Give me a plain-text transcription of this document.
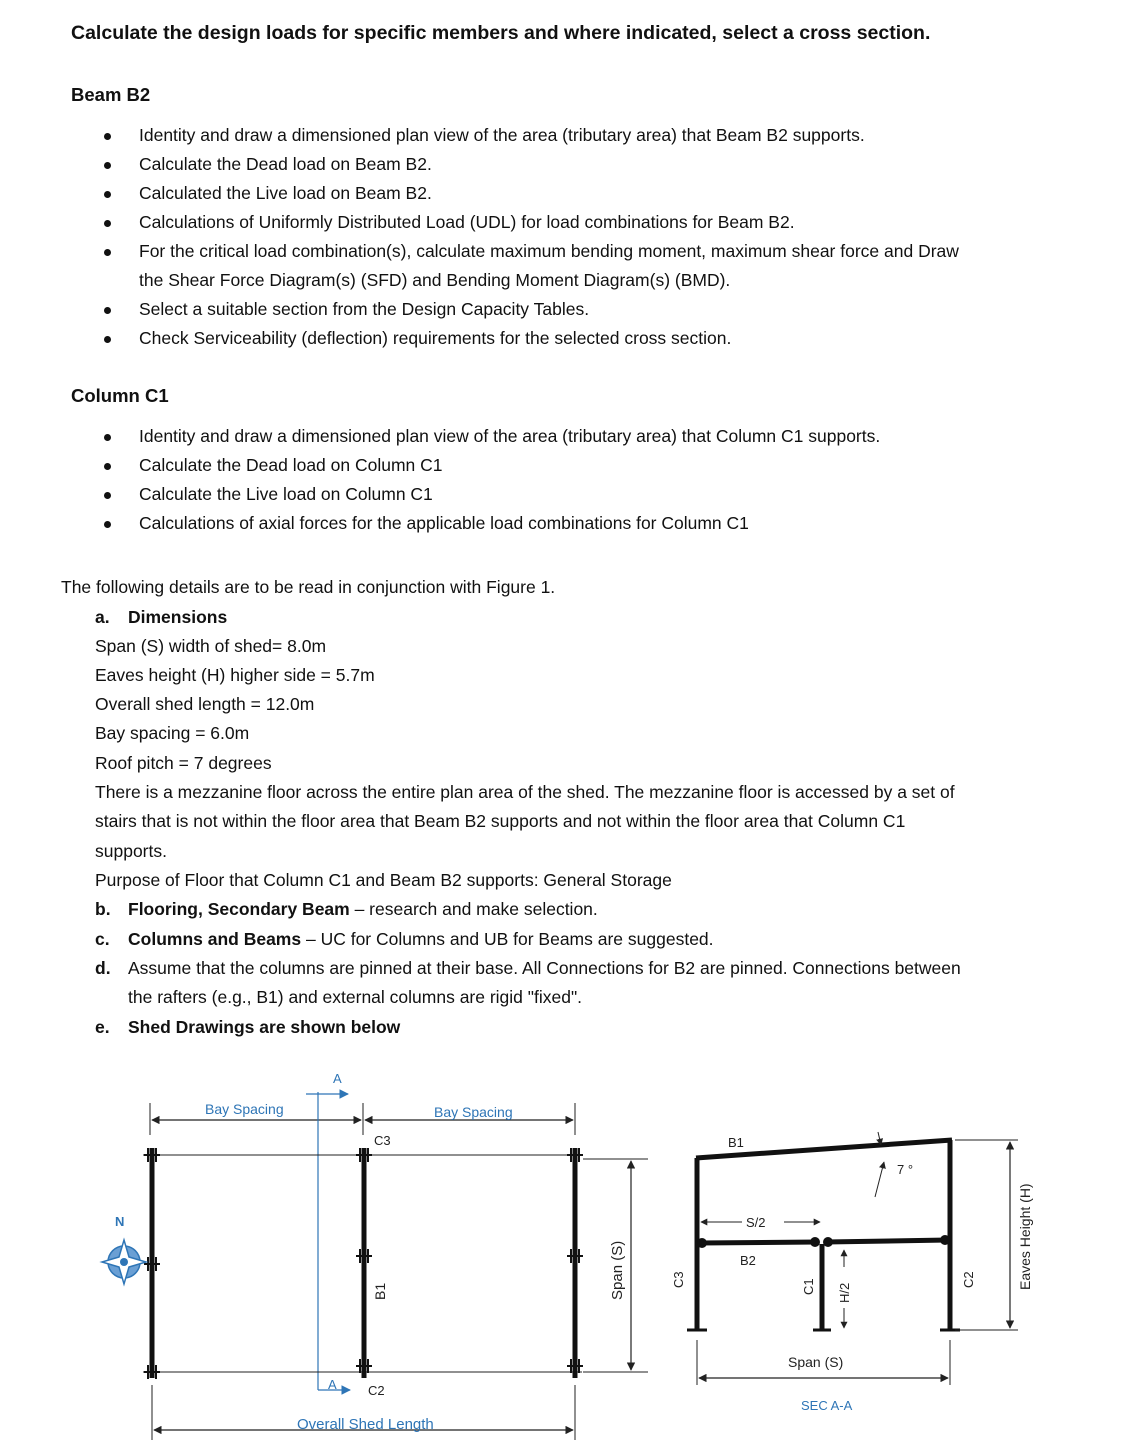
Calculate the design loads for specific members and where indicated, select a cross section.
Beam B2
Identity and draw a dimensioned plan view of the area (tributary area) that Beam B2 supports.
Calculate the Dead load on Beam B2.
Calculated the Live load on Beam B2.
Calculations of Uniformly Distributed Load (UDL) for load combinations for Beam B2.
For the critical load combination(s), calculate maximum bending moment, maximum shear force and Draw
the Shear Force Diagram(s) (SFD) and Bending Moment Diagram(s) (BMD).
Select a suitable section from the Design Capacity Tables.
Check Serviceability (deflection) requirements for the selected cross section.
Column C1
Identity and draw a dimensioned plan view of the area (tributary area) that Column C1 supports.
Calculate the Dead load on Column C1
Calculate the Live load on Column C1
Calculations of axial forces for the applicable load combinations for Column C1
The following details are to be read in conjunction with Figure 1.
a. Dimensions
Span (S) width of shed= 8.0m
Eaves height (H) higher side = 5.7m
Overall shed length = 12.0m
Bay spacing = 6.0m
Roof pitch = 7 degrees
There is a mezzanine floor across the entire plan area of the shed. The mezzanine floor is accessed by a set of
stairs that is not within the floor area that Beam B2 supports and not within the floor area that Column C1
supports.
Purpose of Floor that Column C1 and Beam B2 supports: General Storage
b. Flooring, Secondary Beam – research and make selection.
c. Columns and Beams – UC for Columns and UB for Beams are suggested.
d. Assume that the columns are pinned at their base. All Connections for B2 are pinned. Connections between
the rafters (e.g., B1) and external columns are rigid "fixed".
e. Shed Drawings are shown below
Bay Spacing	Bay Spacing
A
A
C3
C2
B1	Span (S)
Overall Shed Length
N
B1
7 °
S/2
B2
C3	C1 H/2
C2
Span (S)
SEC A-A
Eaves Height (H)
